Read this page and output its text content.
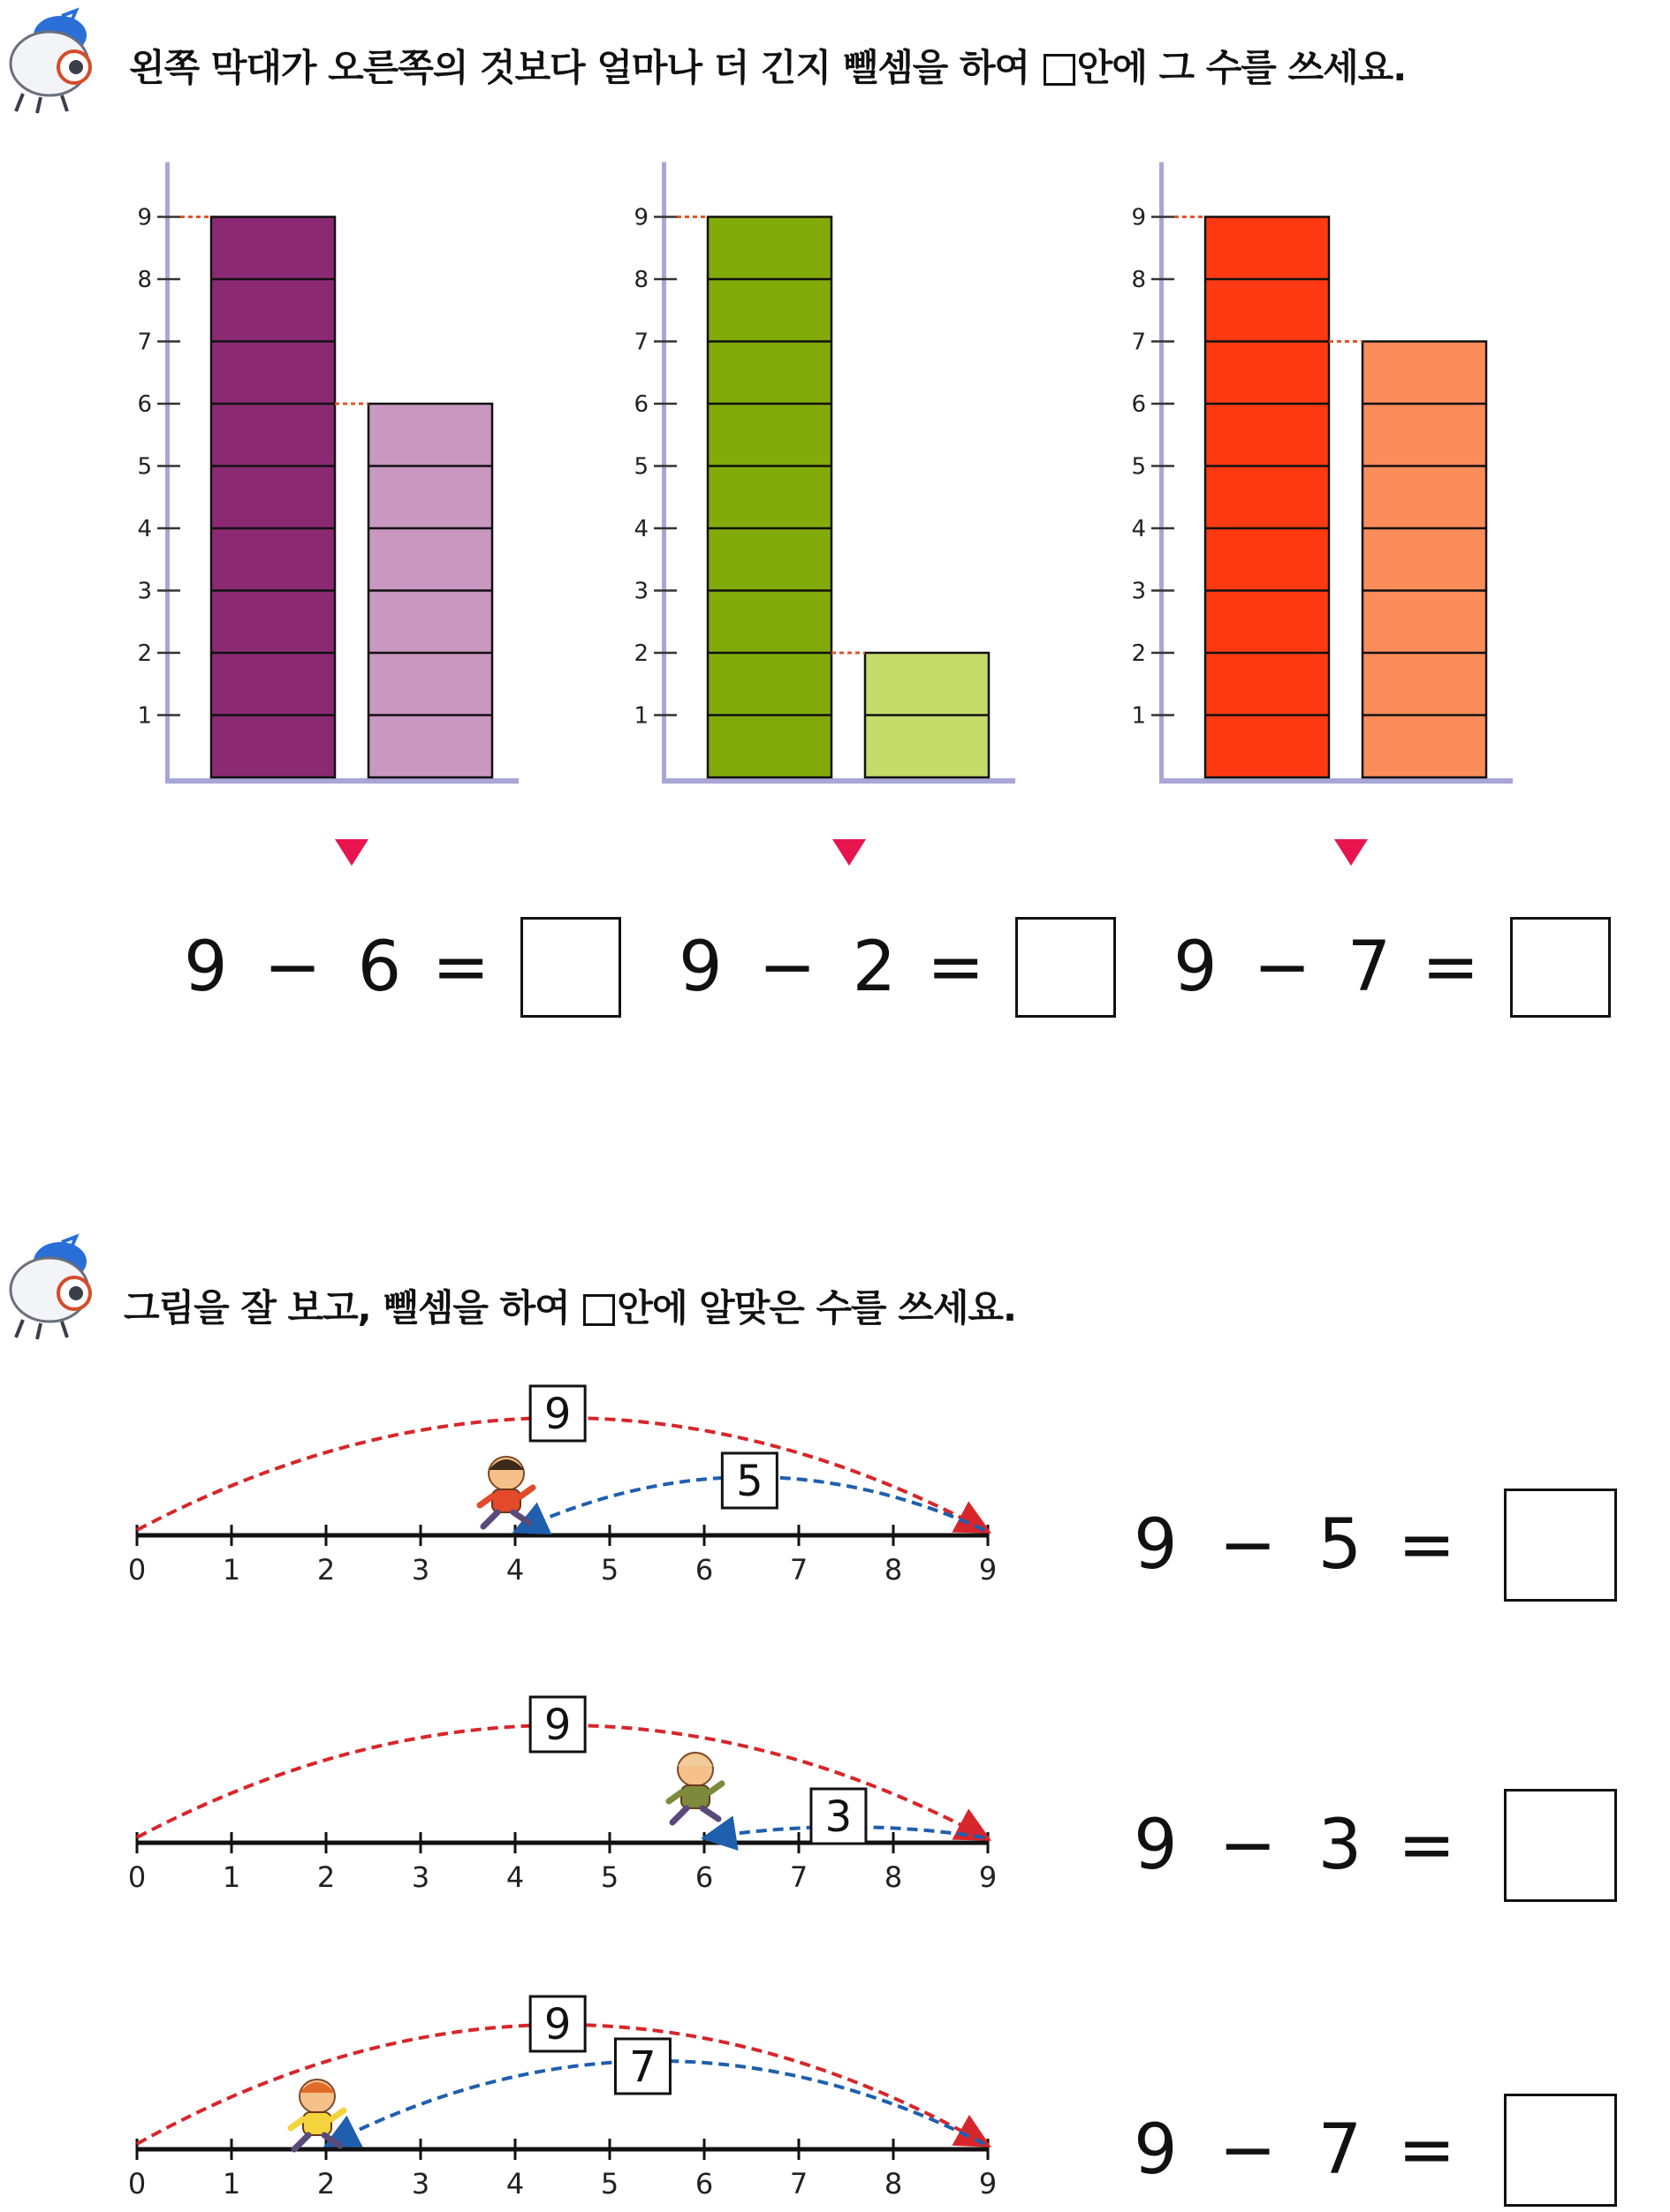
왼쪽 막대가 오른쪽의 것보다 얼마나 더 긴지 뺄셈을 하여 안에 그 수를 쓰세요.
1
2
3
4
5
6
7
8
9
1
2
3
4
5
6
7
8
9
1
2
3
4
5
6
7
8
9
9 − 6 =	9 − 2 =	9 − 7 =
그림을 잘 보고, 뺄셈을 하여 안에 알맞은 수를 쓰세요.
0	1	2	3	4	5	6	7	8	9
9
5
0	1	2	3	4	5	6	7	8	9
9
3
0	1	2	3	4	5	6	7	8	9
9
7
9 − 5 =
9 − 3 =
9 − 7 =
